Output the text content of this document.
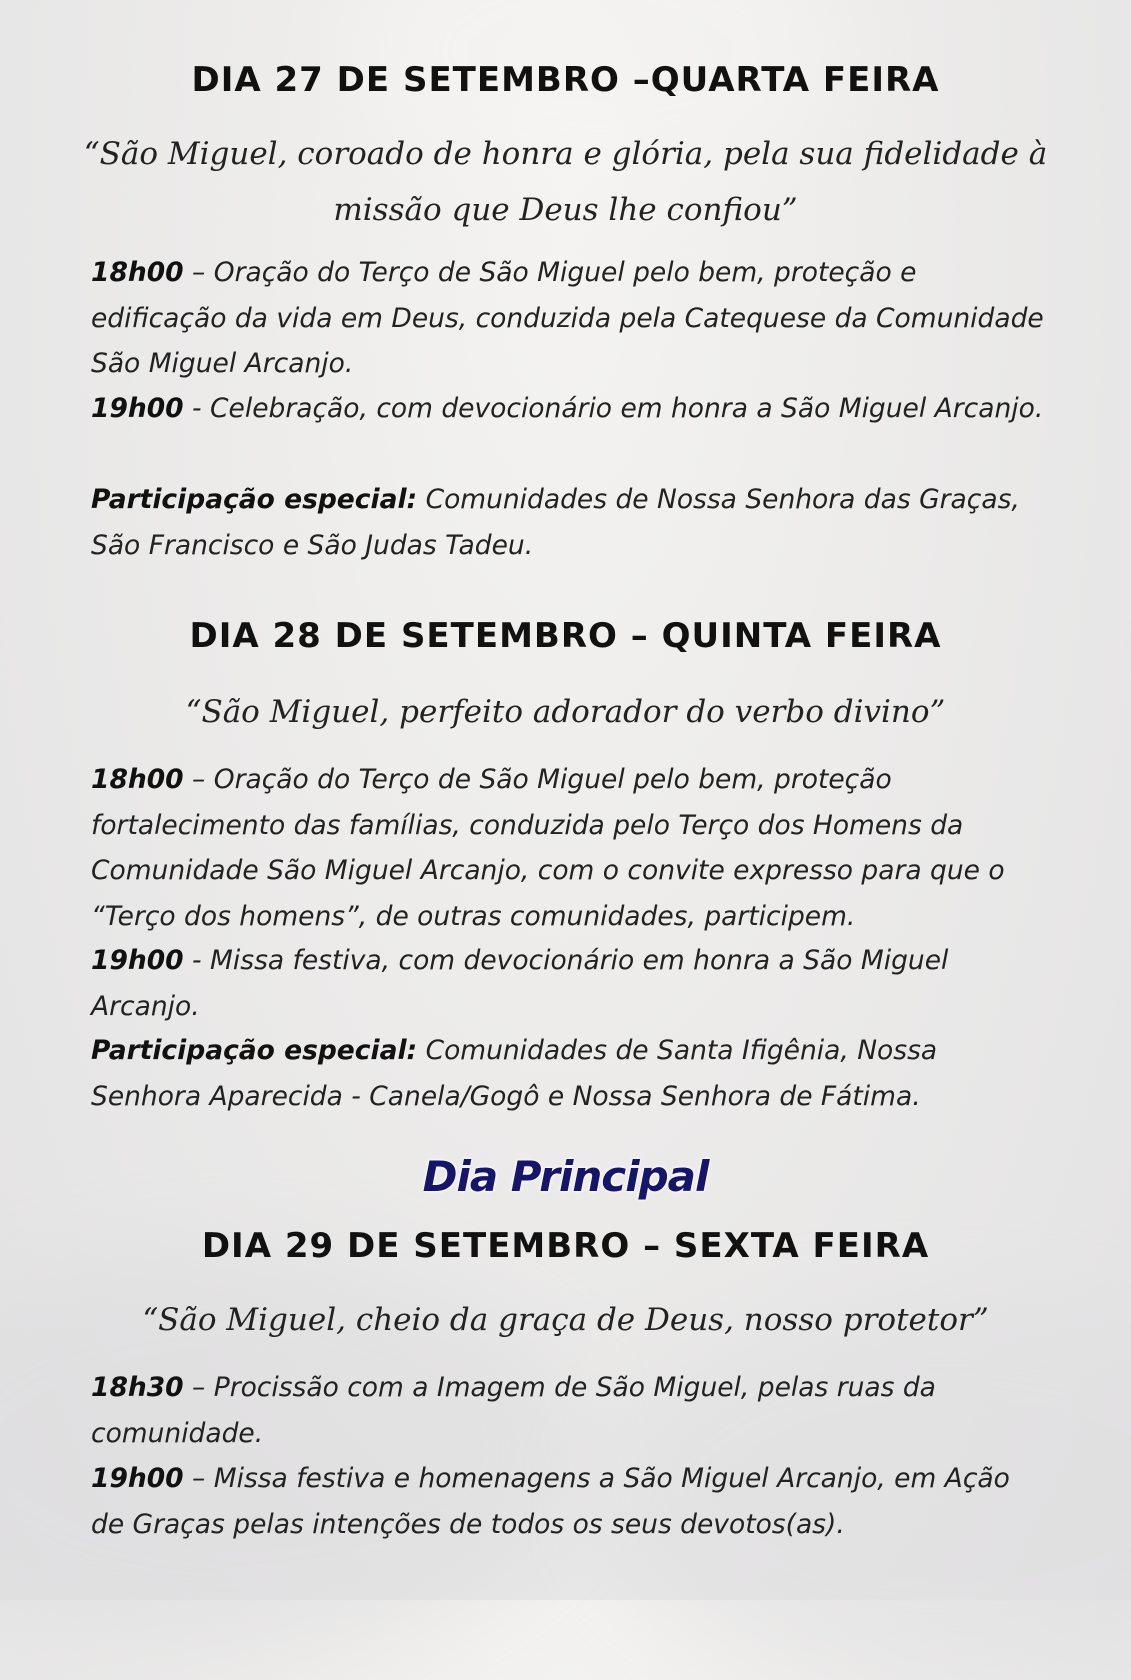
DIA 27 DE SETEMBRO –QUARTA FEIRA
“São Miguel, coroado de honra e glória, pela sua fidelidade à missão que Deus lhe confiou”
18h00 – Oração do Terço de São Miguel pelo bem, proteção e edificação da vida em Deus, conduzida pela Catequese da Comunidade São Miguel Arcanjo.
19h00 - Celebração, com devocionário em honra a São Miguel Arcanjo.
Participação especial: Comunidades de Nossa Senhora das Graças, São Francisco e São Judas Tadeu.
DIA 28 DE SETEMBRO – QUINTA FEIRA
“São Miguel, perfeito adorador do verbo divino”
18h00 – Oração do Terço de São Miguel pelo bem, proteção fortalecimento das famílias, conduzida pelo Terço dos Homens da Comunidade São Miguel Arcanjo, com o convite expresso para que o “Terço dos homens”, de outras comunidades, participem.
19h00 - Missa festiva, com devocionário em honra a São Miguel Arcanjo.
Participação especial: Comunidades de Santa Ifigênia, Nossa Senhora Aparecida - Canela/Gogô e Nossa Senhora de Fátima.
Dia Principal
DIA 29 DE SETEMBRO – SEXTA FEIRA
“São Miguel, cheio da graça de Deus, nosso protetor”
18h30 – Procissão com a Imagem de São Miguel, pelas ruas da comunidade.
19h00 – Missa festiva e homenagens a São Miguel Arcanjo, em Ação de Graças pelas intenções de todos os seus devotos(as).
